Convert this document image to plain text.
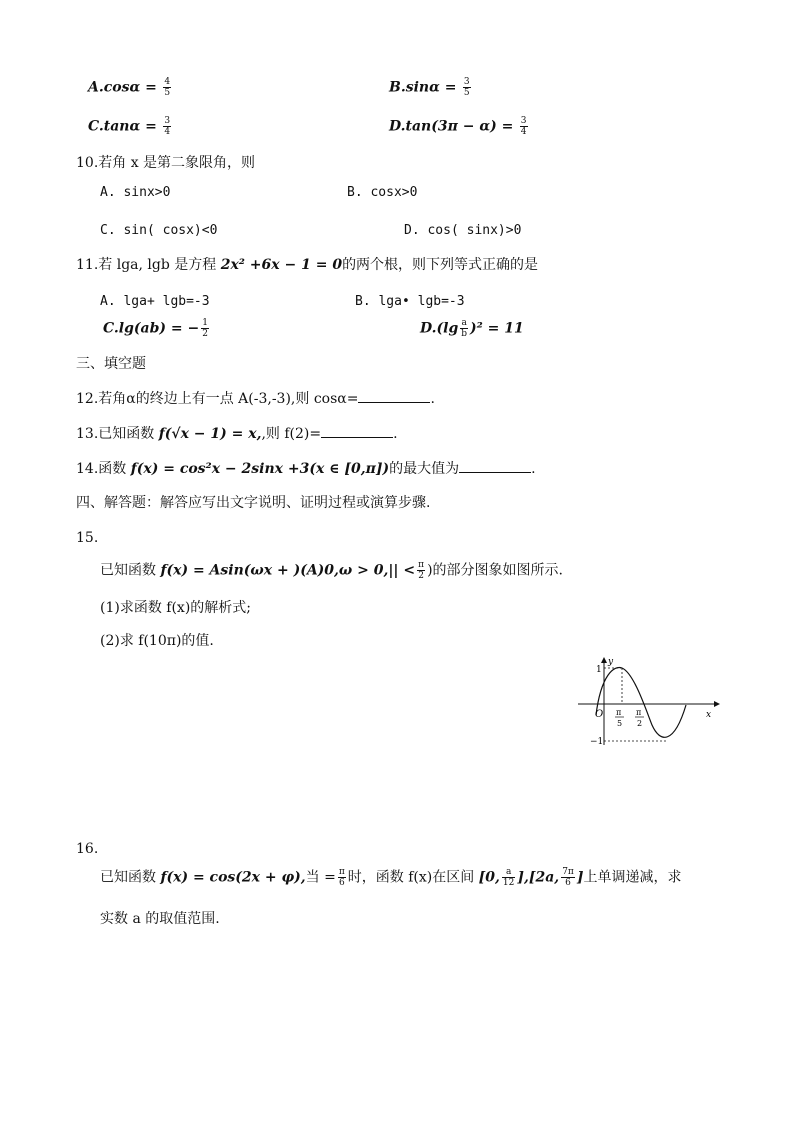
$A.\cos\alpha = \frac{4}{5}$	$B.\sin\alpha = \frac{3}{5}$
$C.\tan\alpha = \frac{3}{4}$	$D.\tan(3\pi - \alpha) = \frac{3}{4}$
10.若角 x 是第二象限角，则
A. sinx>0	B. cosx>0
C. sin( cosx)<0	D. cos( sinx)>0
11.若 lga, lgb 是方程 2x² +6x − 1 = 0的两个根，则下列等式正确的是
A. lga+ lgb=-3	B. lga• lgb=-3
C.lg(ab) = − $\frac{1}{2}$	$D.(\lg \frac{a}{b} )^2 = 11$
三、填空题
12.若角α的终边上有一点 A(-3,-3),则 cosα=	.
13.已知函数 f(√x − 1) = x,,则 f(2)=	.
14.函数 f(x) = cos²x − 2sinx +3(x ∈ [0,π])的最大值为	.
四、解答题：解答应写出文字说明、证明过程或演算步骤.
15.
已知函数 $f(x) = Asin(\omega x + )(A)0,\omega > 0,|| < \frac{\pi}{2}$ )的部分图象如图所示.
(1)求函数 f(x)的解析式;
(2)求 f(10π)的值.
y
x
O
1
−1
π
5
π
2
16.
已知函数 f(x) = cos(2x + φ),当 = $\frac{\pi}{6}$ 时，函数 f(x)在区间 [0, $\frac{a}{12} ],[2a$, $\frac{7\pi}{6}$ ]上单调递减，求
实数 a 的取值范围.
